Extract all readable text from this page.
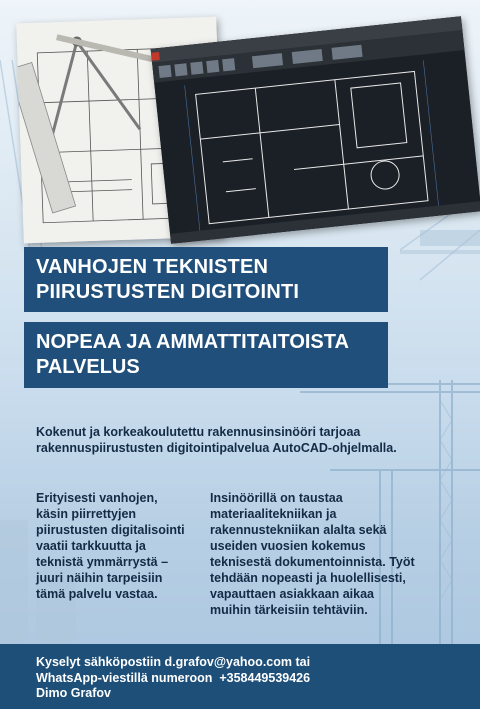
VANHOJEN TEKNISTEN PIIRUSTUSTEN DIGITOINTI
NOPEAA JA AMMATTITAITOISTA PALVELUS
Kokenut ja korkeakoulutettu rakennusinsinööri tarjoaa rakennuspiirustusten digitointipalvelua AutoCAD-ohjelmalla.
Erityisesti vanhojen, käsin piirrettyjen piirustusten digitalisointi vaatii tarkkuutta ja teknistä ymmärrystä – juuri näihin tarpeisiin tämä palvelu vastaa.
Insinöörillä on taustaa materiaalitekniikan ja rakennustekniikan alalta sekä useiden vuosien kokemus teknisestä dokumentoinnista. Työt tehdään nopeasti ja huolellisesti, vapauttaen asiakkaan aikaa muihin tärkeisiin tehtäviin.
Kyselyt sähköpostiin d.grafov@yahoo.com tai
WhatsApp-viestillä numeroon  +358449539426
Dimo Grafov
